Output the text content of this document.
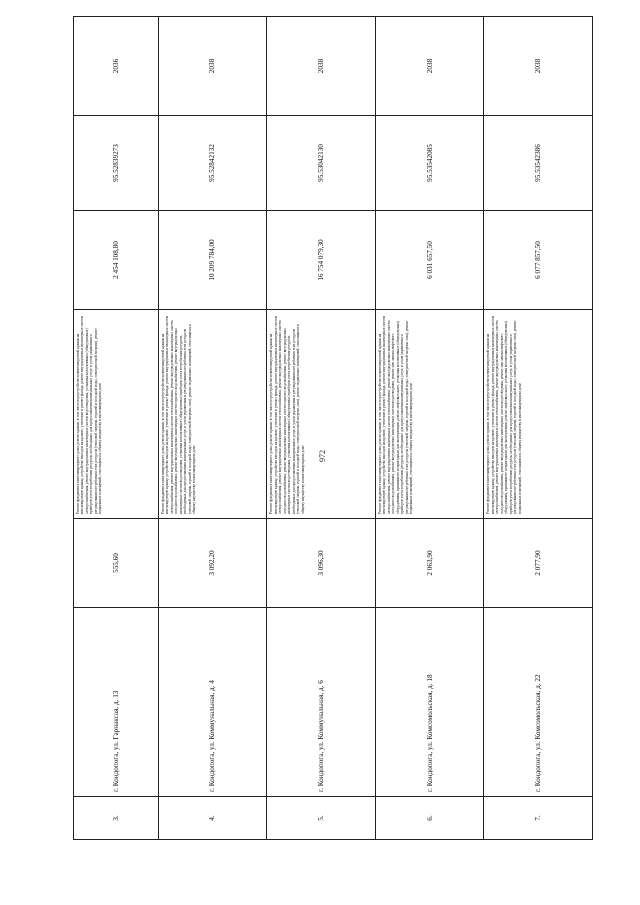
972
3.	г. Кондопога, ул. Гарнаксая, д. 13	555,60	Ремонт фундамента многоквартирного дома, ремонт крыши, в том числе переустройство невентилируемой крыши на вентилируемую крышу, устройство выходов на кровлю, утепление и ремонт фасада, ремонт внутридомовых инженерных систем электроснабжения, ремонт внутридомовых инженерных систем водоотведения, установка коллективных (общедомовых) приборов учета потребления ресурсов, необходимых для предоставления коммунальных услуг, и узлов управления и регулирования потребления этих ресурсов (тепловой энергии, горячей и холодной воды, электрической энергии), ремонт подвальных помещений, относящихся к общему имуществу в многоквартирном доме	2 454 108,80	95.52839273	2036
4.	г. Кондопога, ул. Коммунальная, д. 4	3 092,20	Ремонт фундамента многоквартирного дома, ремонт крыши, в том числе переустройство невентилируемой крыши на вентилируемую крышу, устройство выходов на кровлю, утепление и ремонт фасада, ремонт внутридомовых инженерных систем электроснабжения, ремонт внутридомовых инженерных систем теплоснабжения, ремонт внутридомовых инженерных систем холодного водоснабжения, ремонт внутридомовых инженерных систем горячего водоснабжения, ремонт внутридомовых инженерных систем водоотведения, установка коллективных (общедомовых) приборов учета потребления ресурсов, необходимых для предоставления коммунальных услуг, и узлов управления и регулирования потребления этих ресурсов (тепловой энергии, горячей и холодной воды, электрической энергии, газа), ремонт подвальных помещений, относящихся к общему имуществу в многоквартирном доме	10 209 784,00	95.52842132	2038
5.	г. Кондопога, ул. Коммунальная, д. 6	3 096,30	Ремонт фундамента многоквартирного дома, ремонт крыши, в том числе переустройство невентилируемой крыши на вентилируемую крышу, устройство выходов на кровлю, утепление и ремонт фасада, ремонт внутридомовых инженерных систем электроснабжения, ремонт внутридомовых инженерных систем теплоснабжения, ремонт внутридомовых инженерных систем холодного водоснабжения, ремонт внутридомовых инженерных систем горячего водоснабжения, ремонт внутридомовых инженерных систем водоотведения, установка коллективных (общедомовых) приборов учета потребления ресурсов, необходимых для предоставления коммунальных услуг, и узлов управления и регулирования потребления этих ресурсов (тепловой энергии, горячей и холодной воды, электрической энергии, газа), ремонт подвальных помещений, относящихся к общему имуществу в многоквартирном доме	16 754 079,30	95.53042130	2038
6.	г. Кондопога, ул. Комсомольская, д. 18	2 063,90	Ремонт фундамента многоквартирного дома, ремонт крыши, в том числе переустройство невентилируемой крыши на вентилируемую крышу, устройство выходов на кровлю, утепление и ремонт фасада, ремонт внутридомовых инженерных систем электроснабжения, ремонт внутридомовых инженерных систем теплоснабжения, ремонт внутридомовых инженерных систем холодного водоснабжения, ремонт внутридомовых инженерных систем водоотведения, ремонт или замена лифтового оборудования, признанного непригодным для эксплуатации, ремонт лифтовых шахт, установка коллективных (общедомовых) приборов учета потребления ресурсов, необходимых для предоставления коммунальных услуг, и узлов управления и регулирования потребления этих ресурсов (тепловой энергии, горячей и холодной воды, электрической энергии, газа), ремонт подвальных помещений, относящихся к общему имуществу в многоквартирном доме	6 031 657,50	95.53542085	2038
7.	г. Кондопога, ул. Комсомольская, д. 22	2 077,90	Ремонт фундамента многоквартирного дома, ремонт крыши, в том числе переустройство невентилируемой крыши на вентилируемую крышу, устройство выходов на кровлю, утепление и ремонт фасада, ремонт внутридомовых инженерных систем электроснабжения, ремонт внутридомовых инженерных систем теплоснабжения, ремонт внутридомовых инженерных систем холодного водоснабжения, ремонт внутридомовых инженерных систем водоотведения, ремонт или замена лифтового оборудования, признанного непригодным для эксплуатации, ремонт лифтовых шахт, установка коллективных (общедомовых) приборов учета потребления ресурсов, необходимых для предоставления коммунальных услуг, и узлов управления и регулирования потребления этих ресурсов (тепловой энергии, горячей и холодной воды, электрической энергии, газа), ремонт подвальных помещений, относящихся к общему имуществу в многоквартирном доме	6 077 857,50	95.53542386	2038
